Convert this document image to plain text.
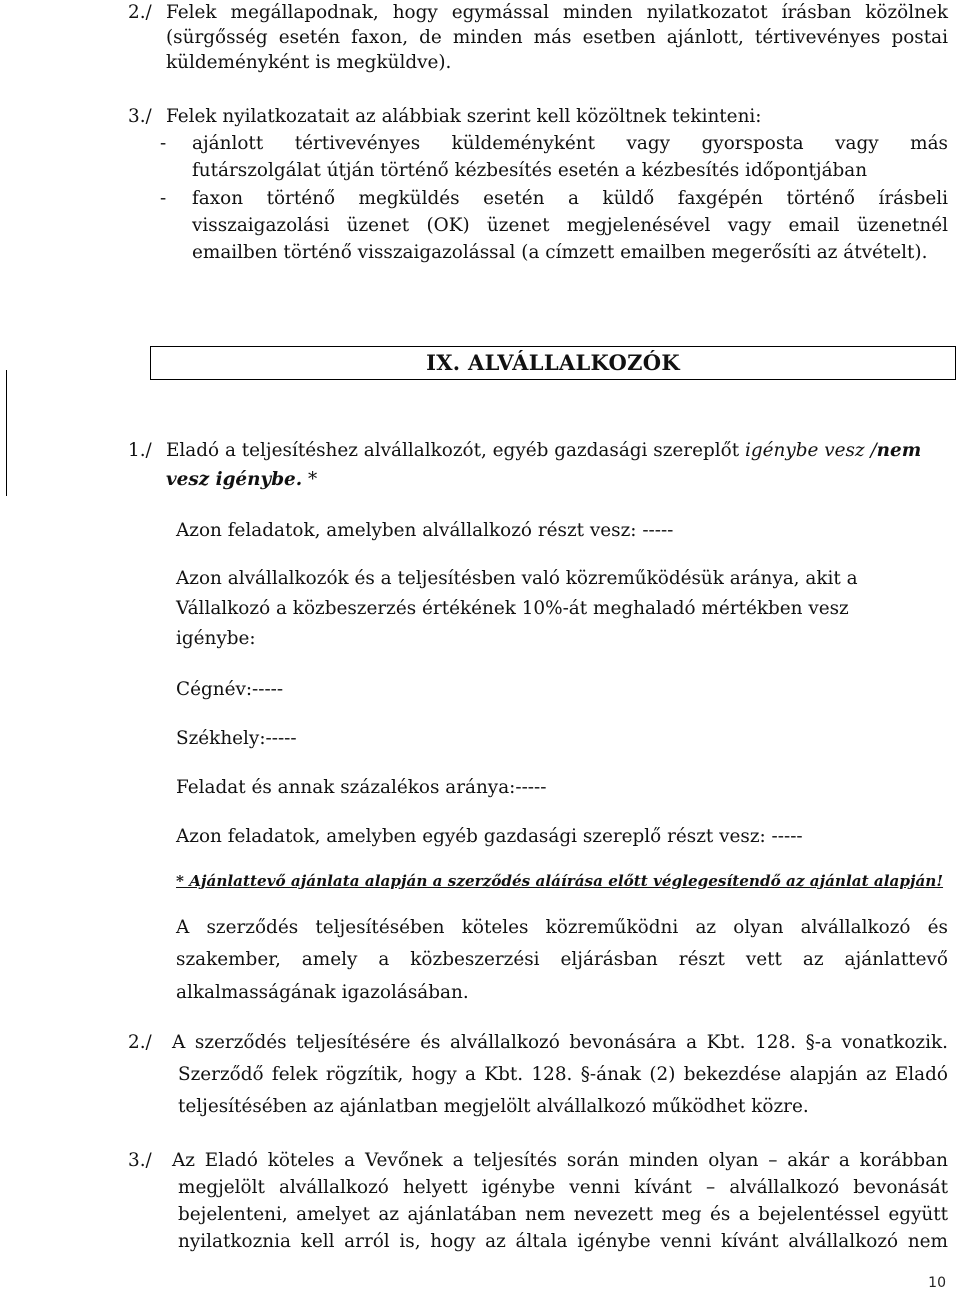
2./ Felek megállapodnak, hogy egymással minden nyilatkozatot írásban közölnek
(sürgősség esetén faxon, de minden más esetben ajánlott, tértivevényes postai
küldeményként is megküldve).
3./ Felek nyilatkozatait az alábbiak szerint kell közöltnek tekinteni:
- ajánlott tértivevényes küldeményként vagy gyorsposta vagy más
futárszolgálat útján történő kézbesítés esetén a kézbesítés időpontjában
- faxon történő megküldés esetén a küldő faxgépén történő írásbeli
visszaigazolási üzenet (OK) üzenet megjelenésével vagy email üzenetnél
emailben történő visszaigazolással (a címzett emailben megerősíti az átvételt).
IX. ALVÁLLALKOZÓK
1./ Eladó a teljesítéshez alvállalkozót, egyéb gazdasági szereplőt igénybe vesz /nem
vesz igénybe. *
Azon feladatok, amelyben alvállalkozó részt vesz: -----
Azon alvállalkozók és a teljesítésben való közreműködésük aránya, akit a
Vállalkozó a közbeszerzés értékének 10%-át meghaladó mértékben vesz
igénybe:
Cégnév:-----
Székhely:-----
Feladat és annak százalékos aránya:-----
Azon feladatok, amelyben egyéb gazdasági szereplő részt vesz: -----
* Ajánlattevő ajánlata alapján a szerződés aláírása előtt véglegesítendő az ajánlat alapján!
A szerződés teljesítésében köteles közreműködni az olyan alvállalkozó és
szakember, amely a közbeszerzési eljárásban részt vett az ajánlattevő
alkalmasságának igazolásában.
2./ A szerződés teljesítésére és alvállalkozó bevonására a Kbt. 128. §-a vonatkozik.
Szerződő felek rögzítik, hogy a Kbt. 128. §-ának (2) bekezdése alapján az Eladó
teljesítésében az ajánlatban megjelölt alvállalkozó működhet közre.
3./ Az Eladó köteles a Vevőnek a teljesítés során minden olyan – akár a korábban
megjelölt alvállalkozó helyett igénybe venni kívánt – alvállalkozó bevonását
bejelenteni, amelyet az ajánlatában nem nevezett meg és a bejelentéssel együtt
nyilatkoznia kell arról is, hogy az általa igénybe venni kívánt alvállalkozó nem
10
